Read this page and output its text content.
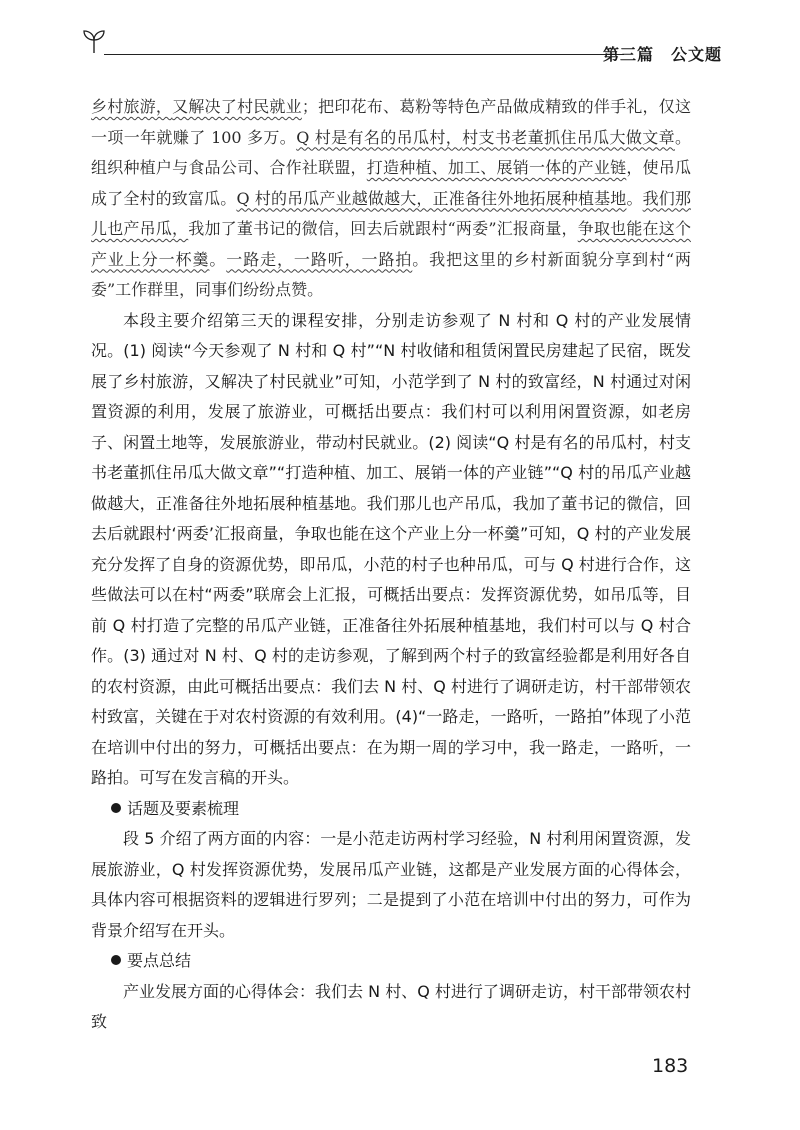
第三篇　公文题

乡村旅游，又解决了村民就业；把印花布、葛粉等特色产品做成精致的伴手礼，仅这一项一年就赚了 100 多万。Q 村是有名的吊瓜村，村支书老董抓住吊瓜大做文章。组织种植户与食品公司、合作社联盟，打造种植、加工、展销一体的产业链，使吊瓜成了全村的致富瓜。Q 村的吊瓜产业越做越大，正准备往外地拓展种植基地。我们那儿也产吊瓜，我加了董书记的微信，回去后就跟村“两委”汇报商量，争取也能在这个产业上分一杯羹。一路走，一路听，一路拍。我把这里的乡村新面貌分享到村“两委”工作群里，同事们纷纷点赞。

本段主要介绍第三天的课程安排，分别走访参观了 N 村和 Q 村的产业发展情况。(1) 阅读“今天参观了 N 村和 Q 村”“N 村收储和租赁闲置民房建起了民宿，既发展了乡村旅游，又解决了村民就业”可知，小范学到了 N 村的致富经，N 村通过对闲置资源的利用，发展了旅游业，可概括出要点：我们村可以利用闲置资源，如老房子、闲置土地等，发展旅游业，带动村民就业。(2) 阅读“Q 村是有名的吊瓜村，村支书老董抓住吊瓜大做文章”“打造种植、加工、展销一体的产业链”“Q 村的吊瓜产业越做越大，正准备往外地拓展种植基地。我们那儿也产吊瓜，我加了董书记的微信，回去后就跟村‘两委’汇报商量，争取也能在这个产业上分一杯羹”可知，Q 村的产业发展充分发挥了自身的资源优势，即吊瓜，小范的村子也种吊瓜，可与 Q 村进行合作，这些做法可以在村“两委”联席会上汇报，可概括出要点：发挥资源优势，如吊瓜等，目前 Q 村打造了完整的吊瓜产业链，正准备往外拓展种植基地，我们村可以与 Q 村合作。(3) 通过对 N 村、Q 村的走访参观，了解到两个村子的致富经验都是利用好各自的农村资源，由此可概括出要点：我们去 N 村、Q 村进行了调研走访，村干部带领农村致富，关键在于对农村资源的有效利用。(4)“一路走，一路听，一路拍”体现了小范在培训中付出的努力，可概括出要点：在为期一周的学习中，我一路走，一路听，一路拍。可写在发言稿的开头。

话题及要素梳理

段 5 介绍了两方面的内容：一是小范走访两村学习经验，N 村利用闲置资源，发展旅游业，Q 村发挥资源优势，发展吊瓜产业链，这都是产业发展方面的心得体会，具体内容可根据资料的逻辑进行罗列；二是提到了小范在培训中付出的努力，可作为背景介绍写在开头。

要点总结

产业发展方面的心得体会：我们去 N 村、Q 村进行了调研走访，村干部带领农村致

183
